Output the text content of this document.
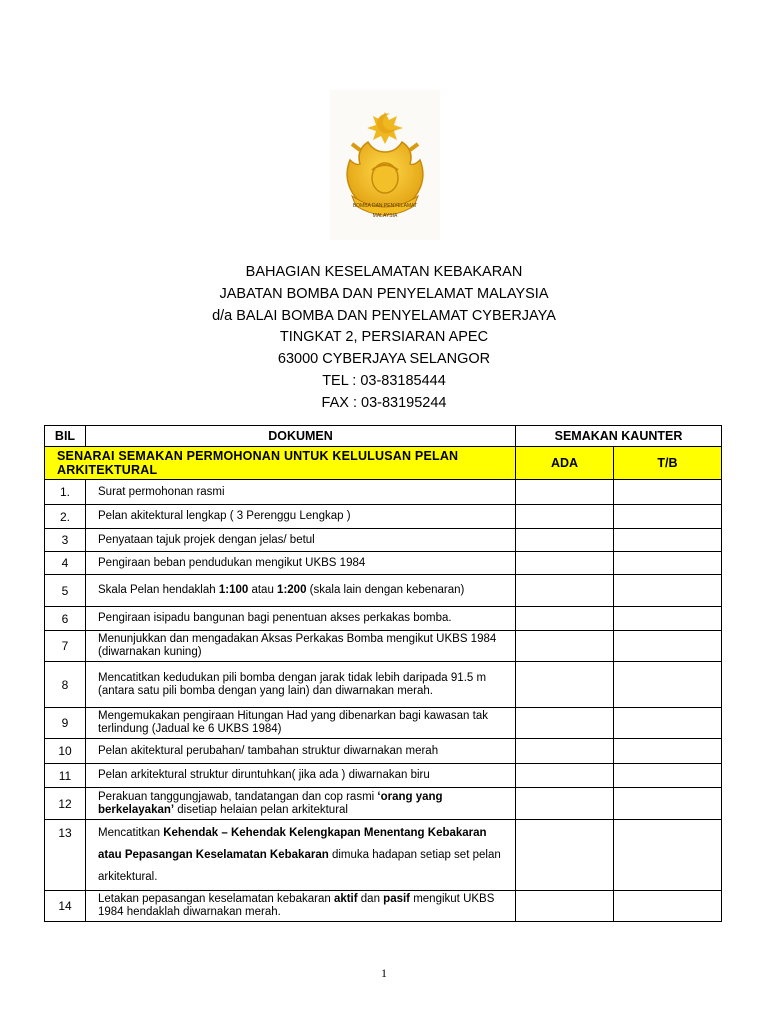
BOMBA DAN PENYELAMAT
MALAYSIA
BAHAGIAN KESELAMATAN KEBAKARAN
JABATAN BOMBA DAN PENYELAMAT MALAYSIA
d/a BALAI BOMBA DAN PENYELAMAT CYBERJAYA
TINGKAT 2, PERSIARAN APEC
63000 CYBERJAYA SELANGOR
TEL : 03-83185444
FAX : 03-83195244
BIL	DOKUMEN	SEMAKAN KAUNTER	
SENARAI SEMAKAN PERMOHONAN UNTUK KELULUSAN PELAN ARKITEKTURAL		ADA	T/B
1.	Surat permohonan rasmi		
2.	Pelan akitektural lengkap ( 3 Perenggu Lengkap )		
3	Penyataan tajuk projek dengan jelas/ betul		
4	Pengiraan beban pendudukan mengikut UKBS 1984		
5	Skala Pelan hendaklah 1:100 atau 1:200 (skala lain dengan kebenaran)		
6	Pengiraan isipadu bangunan bagi penentuan akses perkakas bomba.		
7	Menunjukkan dan mengadakan Aksas Perkakas Bomba mengikut UKBS 1984 (diwarnakan kuning)		
8	Mencatitkan kedudukan pili bomba dengan jarak tidak lebih daripada 91.5 m (antara satu pili bomba dengan yang lain) dan diwarnakan merah.		
9	Mengemukakan pengiraan Hitungan Had yang dibenarkan bagi kawasan tak terlindung (Jadual ke 6 UKBS 1984)		
10	Pelan akitektural perubahan/ tambahan struktur diwarnakan merah		
11	Pelan arkitektural struktur diruntuhkan( jika ada ) diwarnakan biru		
12	Perakuan tanggungjawab, tandatangan dan cop rasmi ‘orang yang berkelayakan’ disetiap helaian pelan arkitektural		
13	Mencatitkan Kehendak – Kehendak Kelengkapan Menentang Kebakaran atau Pepasangan Keselamatan Kebakaran dimuka hadapan setiap set pelan arkitektural.		
14	Letakan pepasangan keselamatan kebakaran aktif dan pasif mengikut UKBS 1984 hendaklah diwarnakan merah.		
1
